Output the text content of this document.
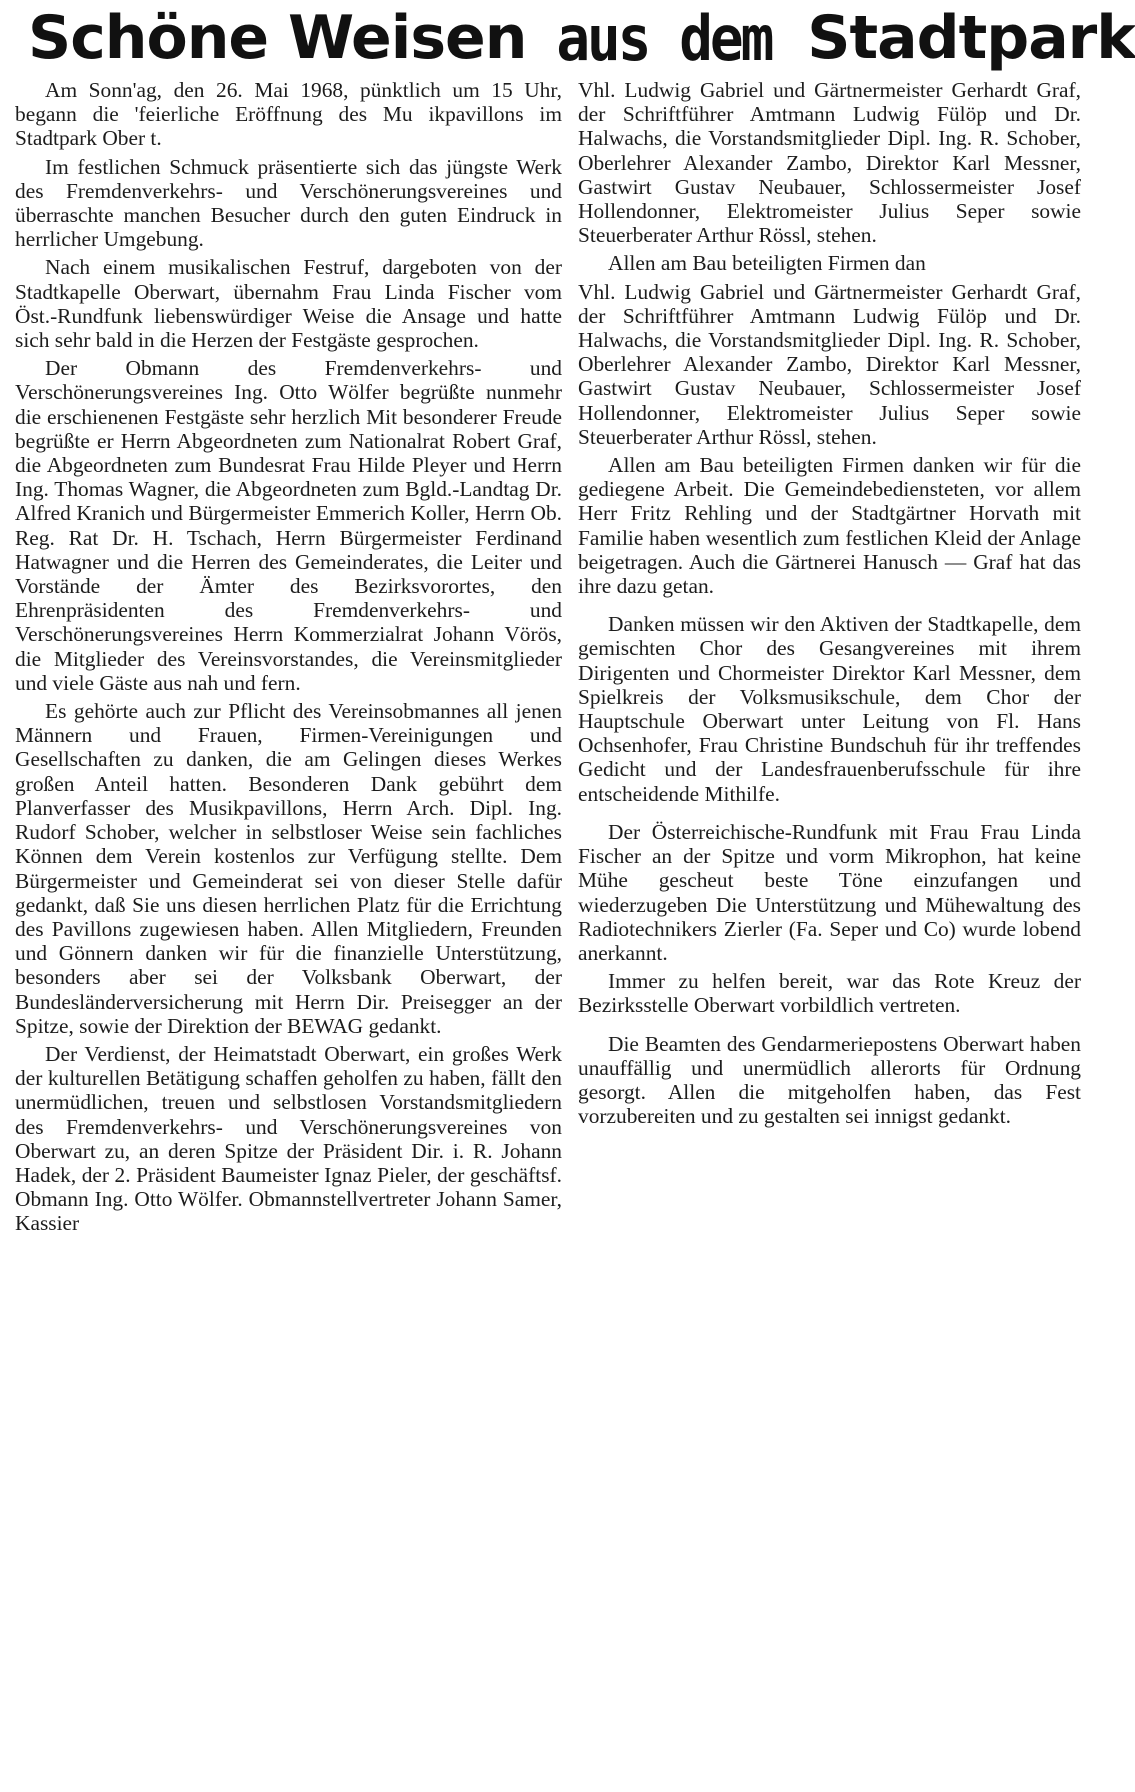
Schöne Weisen aus dem Stadtpark

Am Sonn'ag, den 26. Mai 1968, pünktlich um 15 Uhr, begann die 'feierliche Eröffnung des Mu ikpavillons im Stadtpark Ober t.

Im festlichen Schmuck präsentierte sich das jüngste Werk des Fremdenverkehrs- und Verschönerungsvereines und überraschte manchen Besucher durch den guten Eindruck in herrlicher Umgebung.

Nach einem musikalischen Festruf, dargeboten von der Stadtkapelle Oberwart, übernahm Frau Linda Fischer vom Öst.-Rundfunk liebenswürdiger Weise die Ansage und hatte sich sehr bald in die Herzen der Festgäste gesprochen.

Der Obmann des Fremdenverkehrs- und Verschönerungsvereines Ing. Otto Wölfer begrüßte nunmehr die erschienenen Festgäste sehr herzlich Mit besonderer Freude begrüßte er Herrn Abgeordneten zum Nationalrat Robert Graf, die Abgeordneten zum Bundesrat Frau Hilde Pleyer und Herrn Ing. Thomas Wagner, die Abgeordneten zum Bgld.-Landtag Dr. Alfred Kranich und Bürgermeister Emmerich Koller, Herrn Ob. Reg. Rat Dr. H. Tschach, Herrn Bürgermeister Ferdinand Hatwagner und die Herren des Gemeinderates, die Leiter und Vorstände der Ämter des Bezirksvorortes, den Ehrenpräsidenten des Fremdenverkehrs- und Verschönerungsvereines Herrn Kommerzialrat Johann Vörös, die Mitglieder des Vereinsvorstandes, die Vereinsmitglieder und viele Gäste aus nah und fern.

Es gehörte auch zur Pflicht des Vereinsobmannes all jenen Männern und Frauen, Firmen-Vereinigungen und Gesellschaften zu danken, die am Gelingen dieses Werkes großen Anteil hatten. Besonderen Dank gebührt dem Planverfasser des Musikpavillons, Herrn Arch. Dipl. Ing. Rudorf Schober, welcher in selbstloser Weise sein fachliches Können dem Verein kostenlos zur Verfügung stellte. Dem Bürgermeister und Gemeinderat sei von dieser Stelle dafür gedankt, daß Sie uns diesen herrlichen Platz für die Errichtung des Pavillons zugewiesen haben. Allen Mitgliedern, Freunden und Gönnern danken wir für die finanzielle Unterstützung, besonders aber sei der Volksbank Oberwart, der Bundesländerversicherung mit Herrn Dir. Preisegger an der Spitze, sowie der Direktion der BEWAG gedankt.

Der Verdienst, der Heimatstadt Oberwart, ein großes Werk der kulturellen Betätigung schaffen geholfen zu haben, fällt den unermüdlichen, treuen und selbstlosen Vorstandsmitgliedern des Fremdenverkehrs- und Verschönerungsvereines von Oberwart zu, an deren Spitze der Präsident Dir. i. R. Johann Hadek, der 2. Präsident Baumeister Ignaz Pieler, der geschäftsf. Obmann Ing. Otto Wölfer. Obmannstellvertreter Johann Samer, Kassier

Vhl. Ludwig Gabriel und Gärtnermeister Gerhardt Graf, der Schriftführer Amtmann Ludwig Fülöp und Dr. Halwachs, die Vorstandsmitglieder Dipl. Ing. R. Schober, Oberlehrer Alexander Zambo, Direktor Karl Messner, Gastwirt Gustav Neubauer, Schlossermeister Josef Hollendonner, Elektromeister Julius Seper sowie Steuerberater Arthur Rössl, stehen.

Allen am Bau beteiligten Firmen dan

Vhl. Ludwig Gabriel und Gärtnermeister Gerhardt Graf, der Schriftführer Amtmann Ludwig Fülöp und Dr. Halwachs, die Vorstandsmitglieder Dipl. Ing. R. Schober, Oberlehrer Alexander Zambo, Direktor Karl Messner, Gastwirt Gustav Neubauer, Schlossermeister Josef Hollendonner, Elektromeister Julius Seper sowie Steuerberater Arthur Rössl, stehen.

Allen am Bau beteiligten Firmen danken wir für die gediegene Arbeit. Die Gemeindebediensteten, vor allem Herr Fritz Rehling und der Stadtgärtner Horvath mit Familie haben wesentlich zum festlichen Kleid der Anlage beigetragen. Auch die Gärtnerei Hanusch — Graf hat das ihre dazu getan.

Danken müssen wir den Aktiven der Stadtkapelle, dem gemischten Chor des Gesangvereines mit ihrem Dirigenten und Chormeister Direktor Karl Messner, dem Spielkreis der Volksmusikschule, dem Chor der Hauptschule Oberwart unter Leitung von Fl. Hans Ochsenhofer, Frau Christine Bundschuh für ihr treffendes Gedicht und der Landesfrauenberufsschule für ihre entscheidende Mithilfe.

Der Österreichische-Rundfunk mit Frau Frau Linda Fischer an der Spitze und vorm Mikrophon, hat keine Mühe gescheut beste Töne einzufangen und wiederzugeben Die Unterstützung und Mühewaltung des Radiotechnikers Zierler (Fa. Seper und Co) wurde lobend anerkannt.

Immer zu helfen bereit, war das Rote Kreuz der Bezirksstelle Oberwart vorbildlich vertreten.

Die Beamten des Gendarmeriepostens Oberwart haben unauffällig und unermüdlich allerorts für Ordnung gesorgt. Allen die mitgeholfen haben, das Fest vorzubereiten und zu gestalten sei innigst gedankt.
